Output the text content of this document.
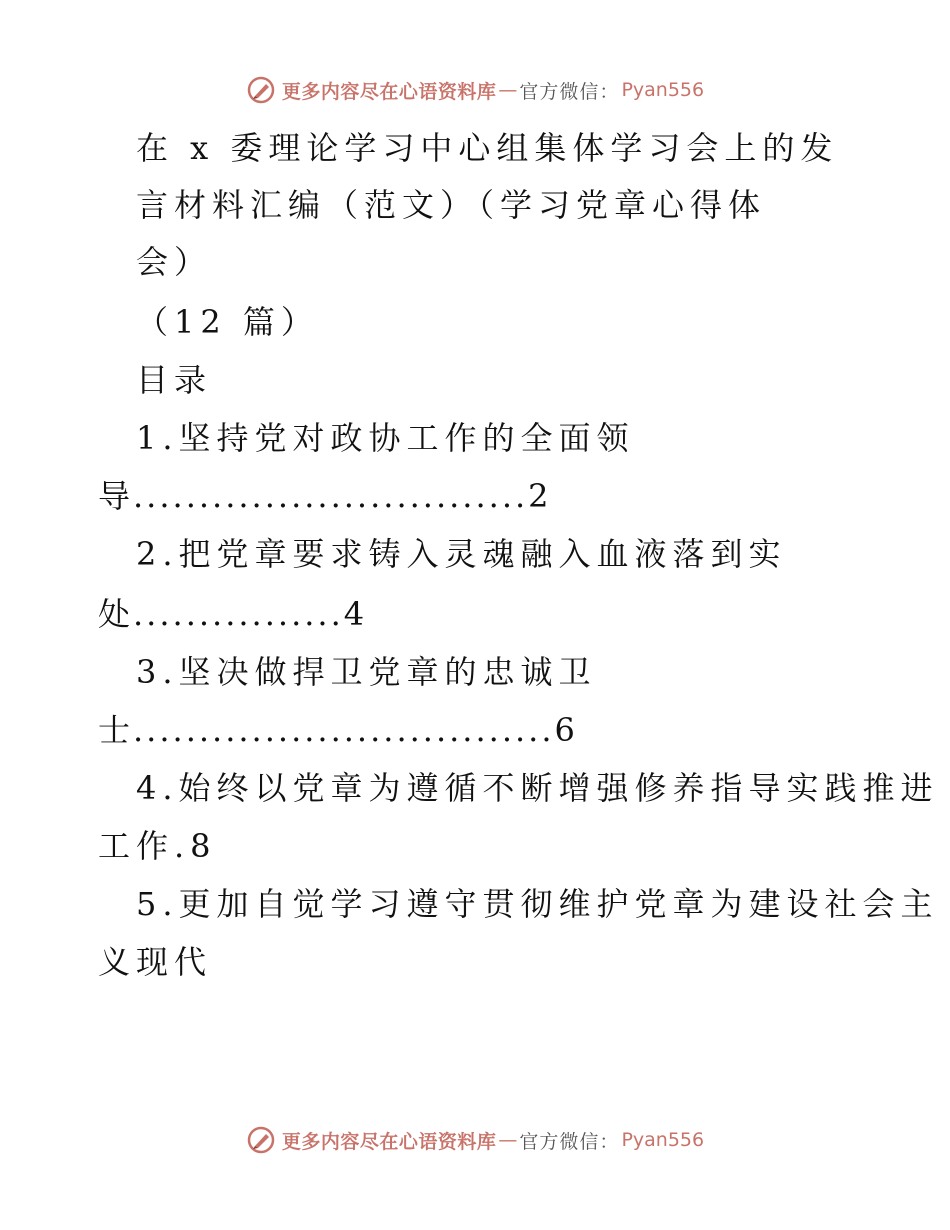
更多内容尽在心语资料库 — 官方微信： Pyan556
在 x 委理论学习中心组集体学习会上的发
言材料汇编（范文）（学习党章心得体
会）
（12 篇）
目录
1.坚持党对政协工作的全面领
导..............................2
2.把党章要求铸入灵魂融入血液落到实
处................4
3.坚决做捍卫党章的忠诚卫
士................................6
4.始终以党章为遵循不断增强修养指导实践推进
工作.8
5.更加自觉学习遵守贯彻维护党章为建设社会主
义现代
更多内容尽在心语资料库 — 官方微信： Pyan556
